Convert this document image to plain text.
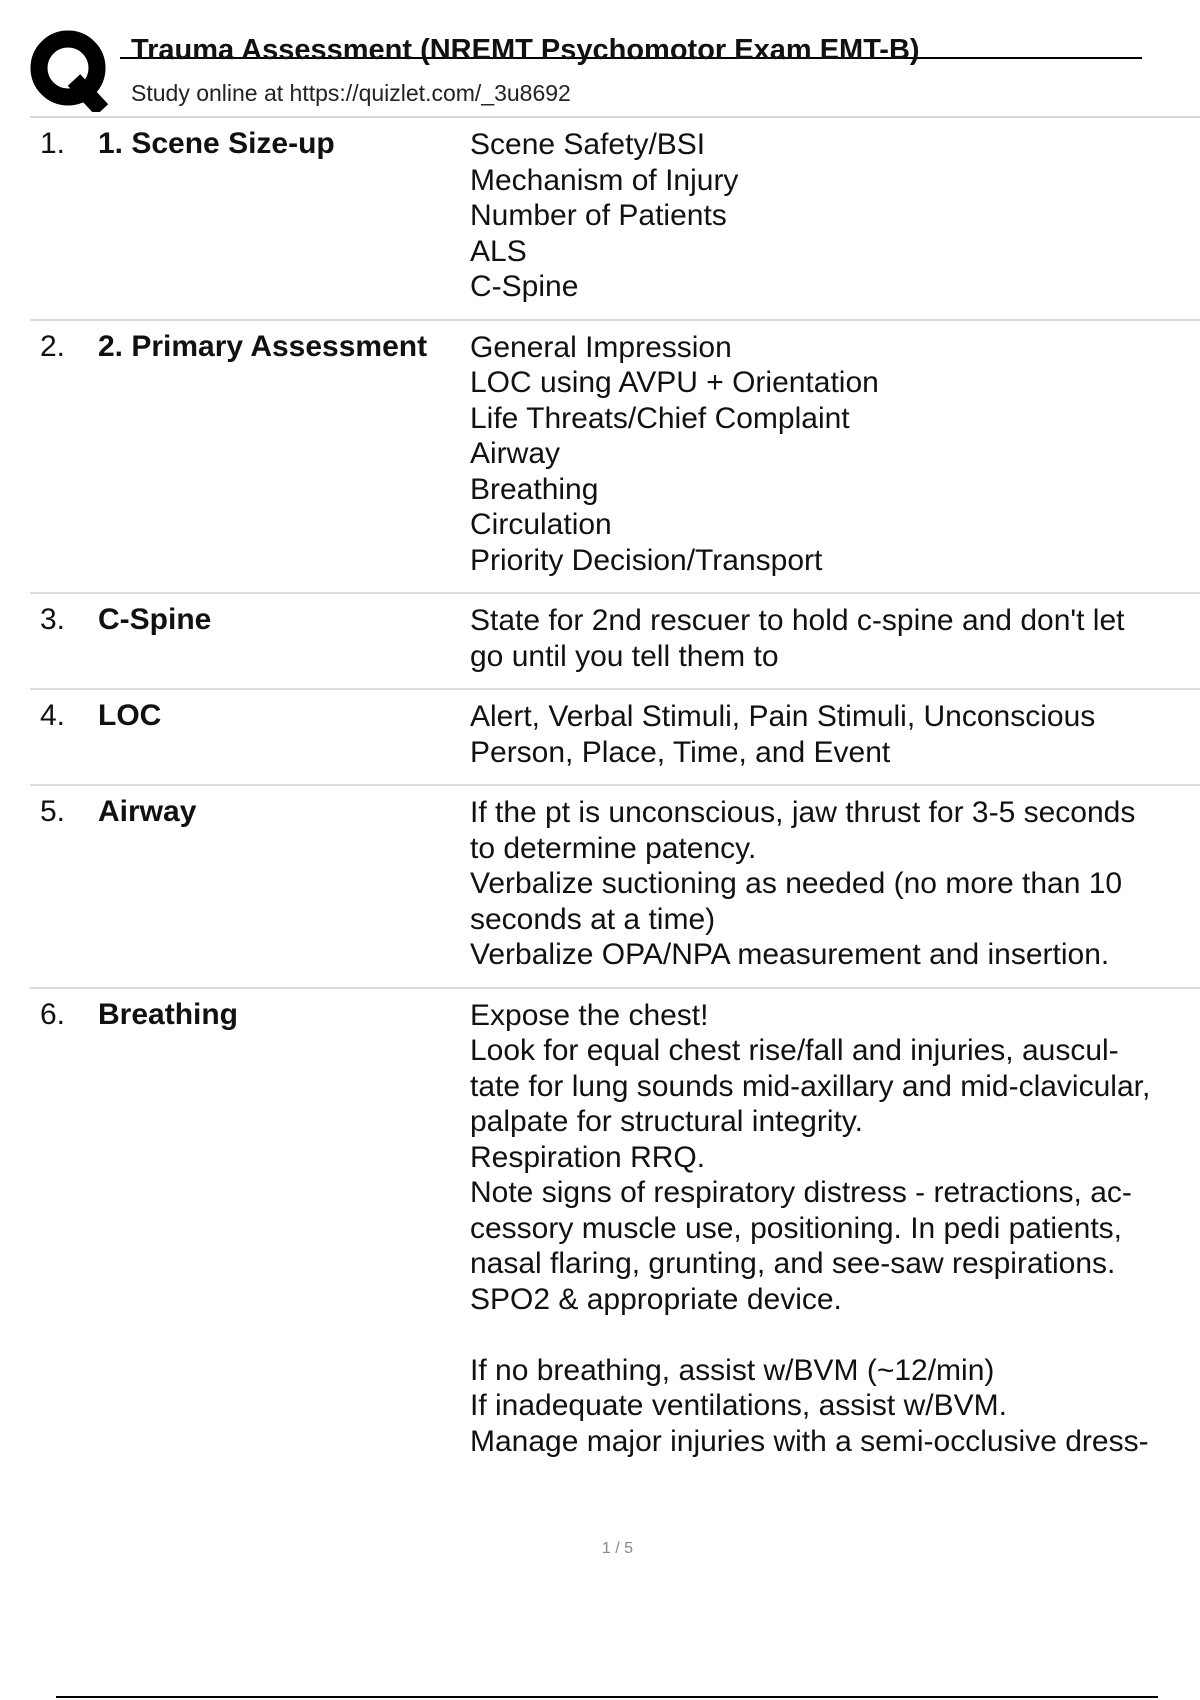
Trauma Assessment (NREMT Psychomotor Exam EMT-B)
Study online at https://quizlet.com/_3u8692
1.	1. Scene Size-up	Scene Safety/BSI
Mechanism of Injury
Number of Patients
ALS
C-Spine
2.	2. Primary Assessment	General Impression
LOC using AVPU + Orientation
Life Threats/Chief Complaint
Airway
Breathing
Circulation
Priority Decision/Transport
3.	C-Spine	State for 2nd rescuer to hold c-spine and don't let
go until you tell them to
4.	LOC	Alert, Verbal Stimuli, Pain Stimuli, Unconscious
Person, Place, Time, and Event
5.	Airway	If the pt is unconscious, jaw thrust for 3-5 seconds
to determine patency.
Verbalize suctioning as needed (no more than 10
seconds at a time)
Verbalize OPA/NPA measurement and insertion.
6.	Breathing	Expose the chest!
Look for equal chest rise/fall and injuries, auscul-
tate for lung sounds mid-axillary and mid-clavicular,
palpate for structural integrity.
Respiration RRQ.
Note signs of respiratory distress - retractions, ac-
cessory muscle use, positioning. In pedi patients,
nasal flaring, grunting, and see-saw respirations.
SPO2 & appropriate device.

If no breathing, assist w/BVM (~12/min)
If inadequate ventilations, assist w/BVM.
Manage major injuries with a semi-occlusive dress-
1 / 5
